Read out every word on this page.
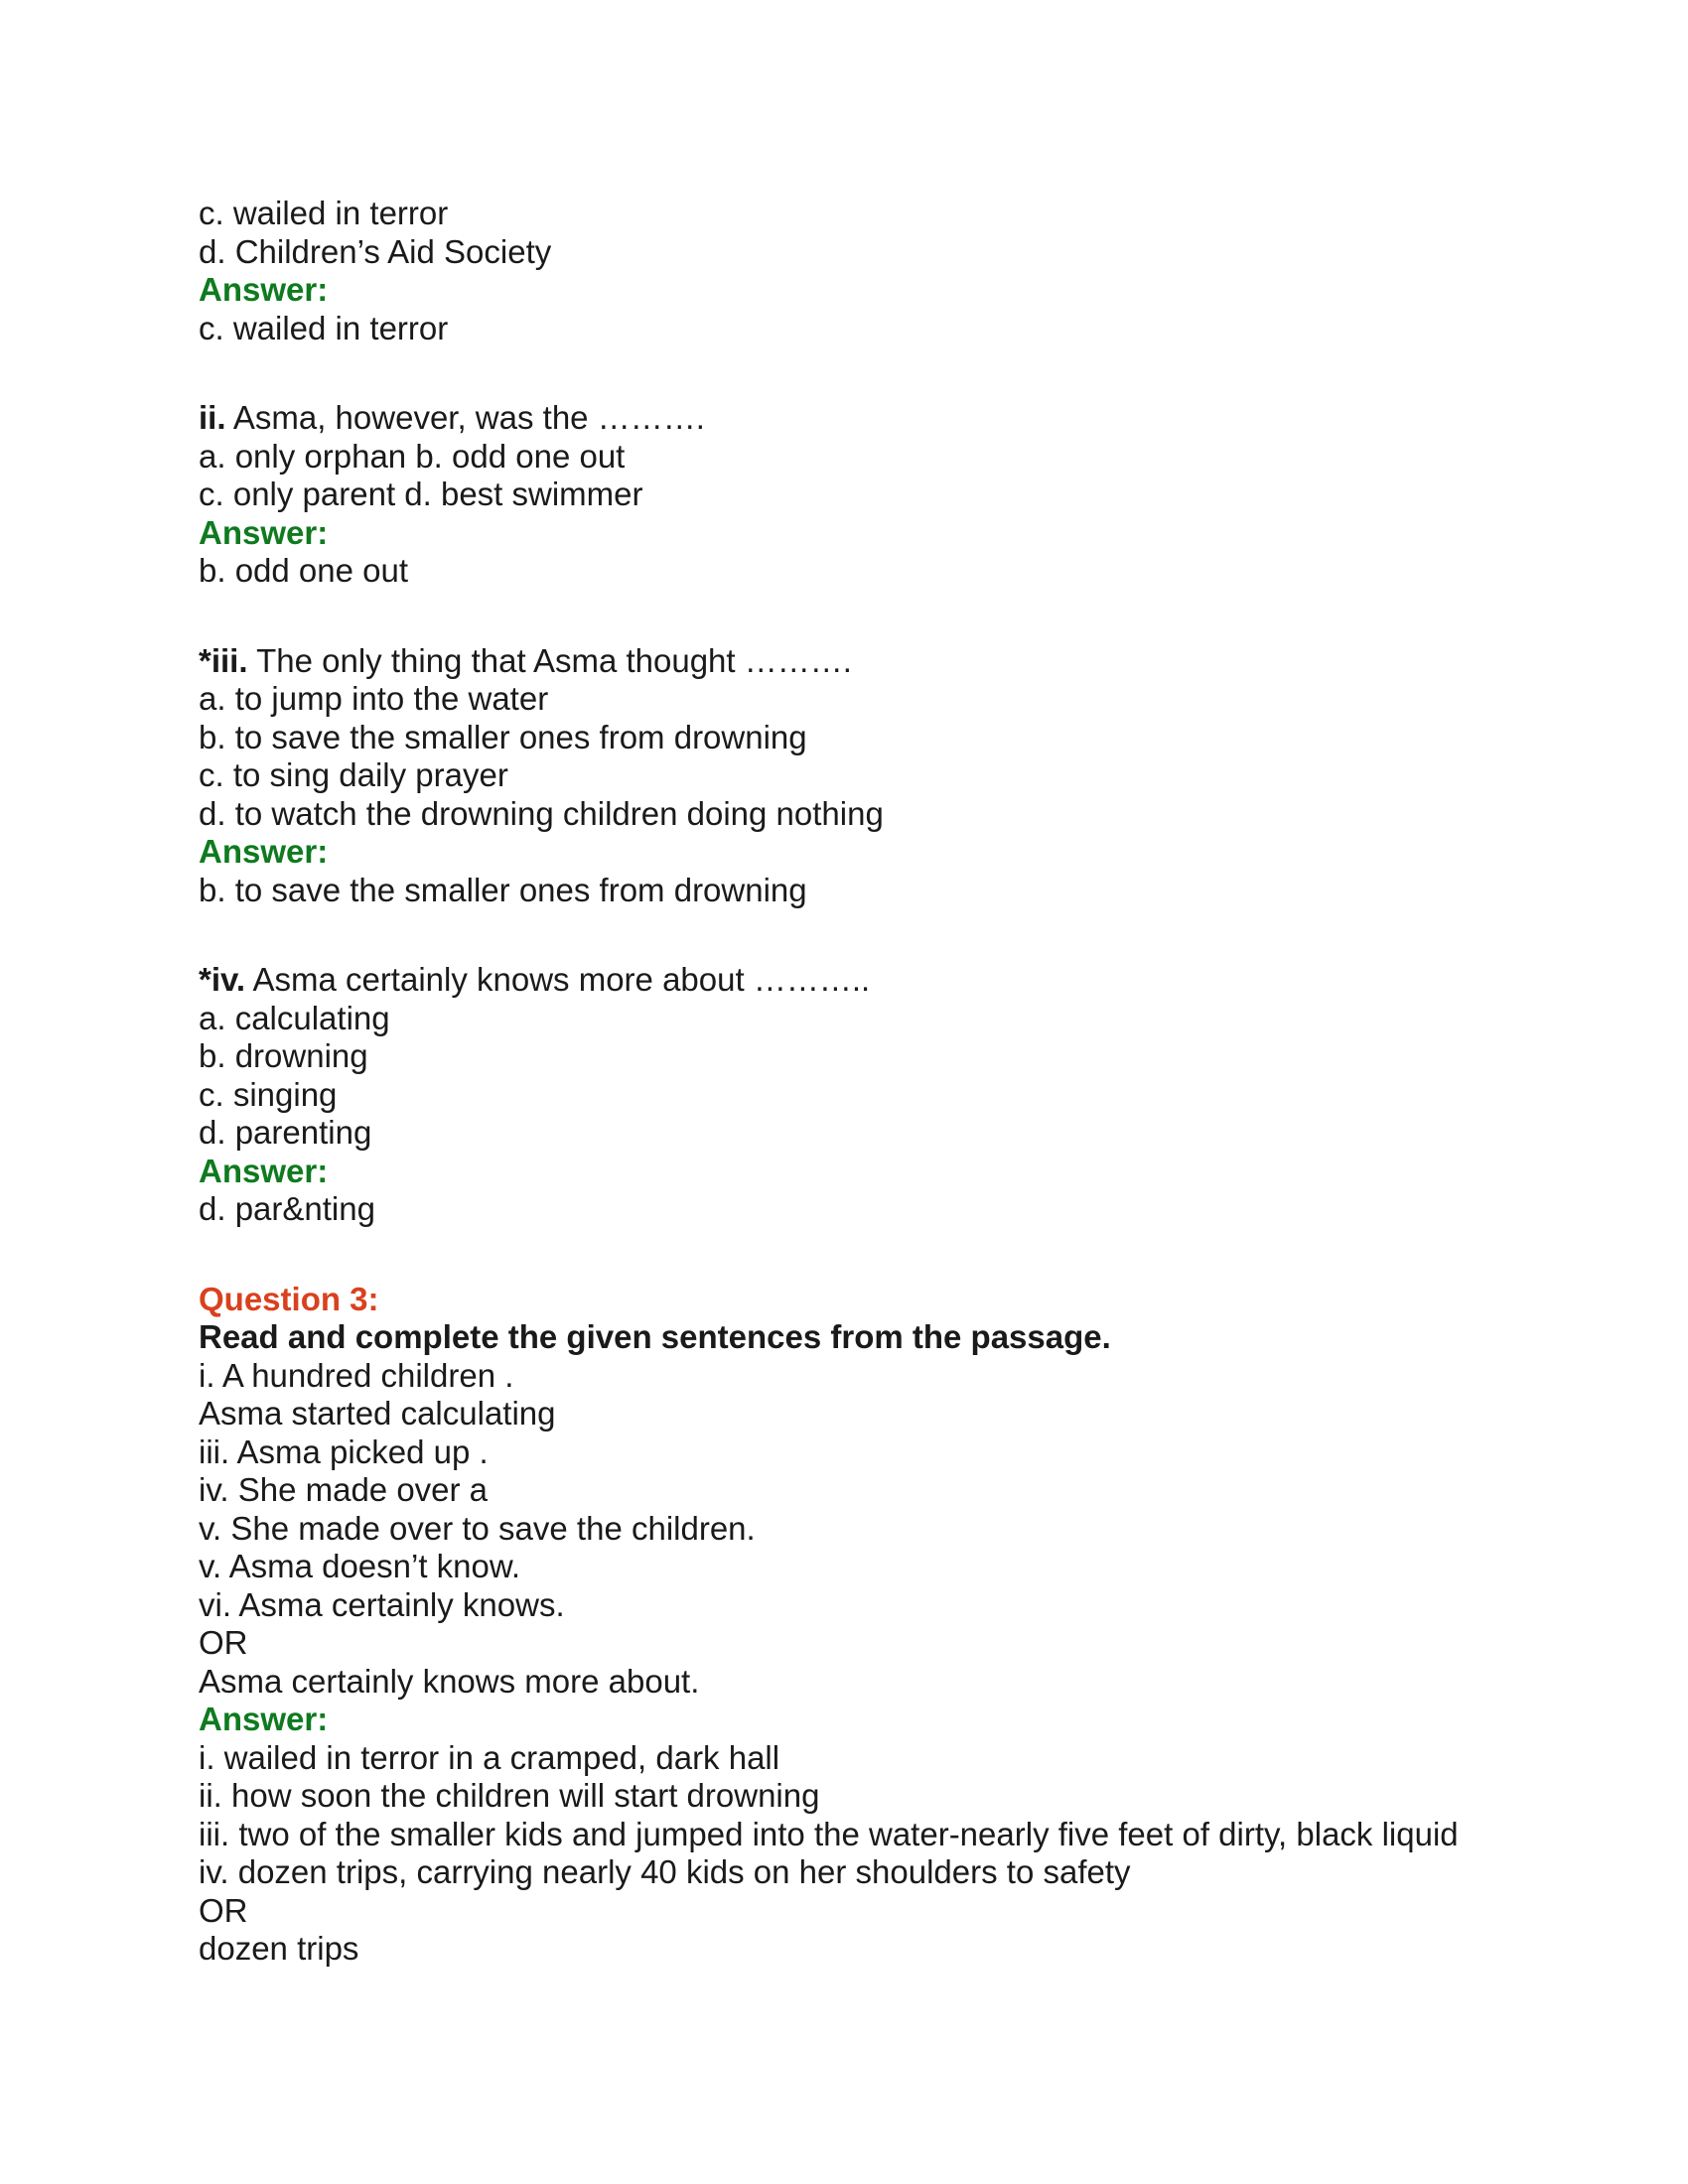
c. wailed in terror
d. Children’s Aid Society
Answer:
c. wailed in terror
ii. Asma, however, was the ……….
a. only orphan b. odd one out
c. only parent d. best swimmer
Answer:
b. odd one out
*iii. The only thing that Asma thought ……….
a. to jump into the water
b. to save the smaller ones from drowning
c. to sing daily prayer
d. to watch the drowning children doing nothing
Answer:
b. to save the smaller ones from drowning
*iv. Asma certainly knows more about ………..
a. calculating
b. drowning
c. singing
d. parenting
Answer:
d. par&nting
Question 3:
Read and complete the given sentences from the passage.
i. A hundred children .
Asma started calculating
iii. Asma picked up .
iv. She made over a
v. She made over to save the children.
v. Asma doesn’t know.
vi. Asma certainly knows.
OR
Asma certainly knows more about.
Answer:
i. wailed in terror in a cramped, dark hall
ii. how soon the children will start drowning
iii. two of the smaller kids and jumped into the water-nearly five feet of dirty, black liquid
iv. dozen trips, carrying nearly 40 kids on her shoulders to safety
OR
dozen trips
